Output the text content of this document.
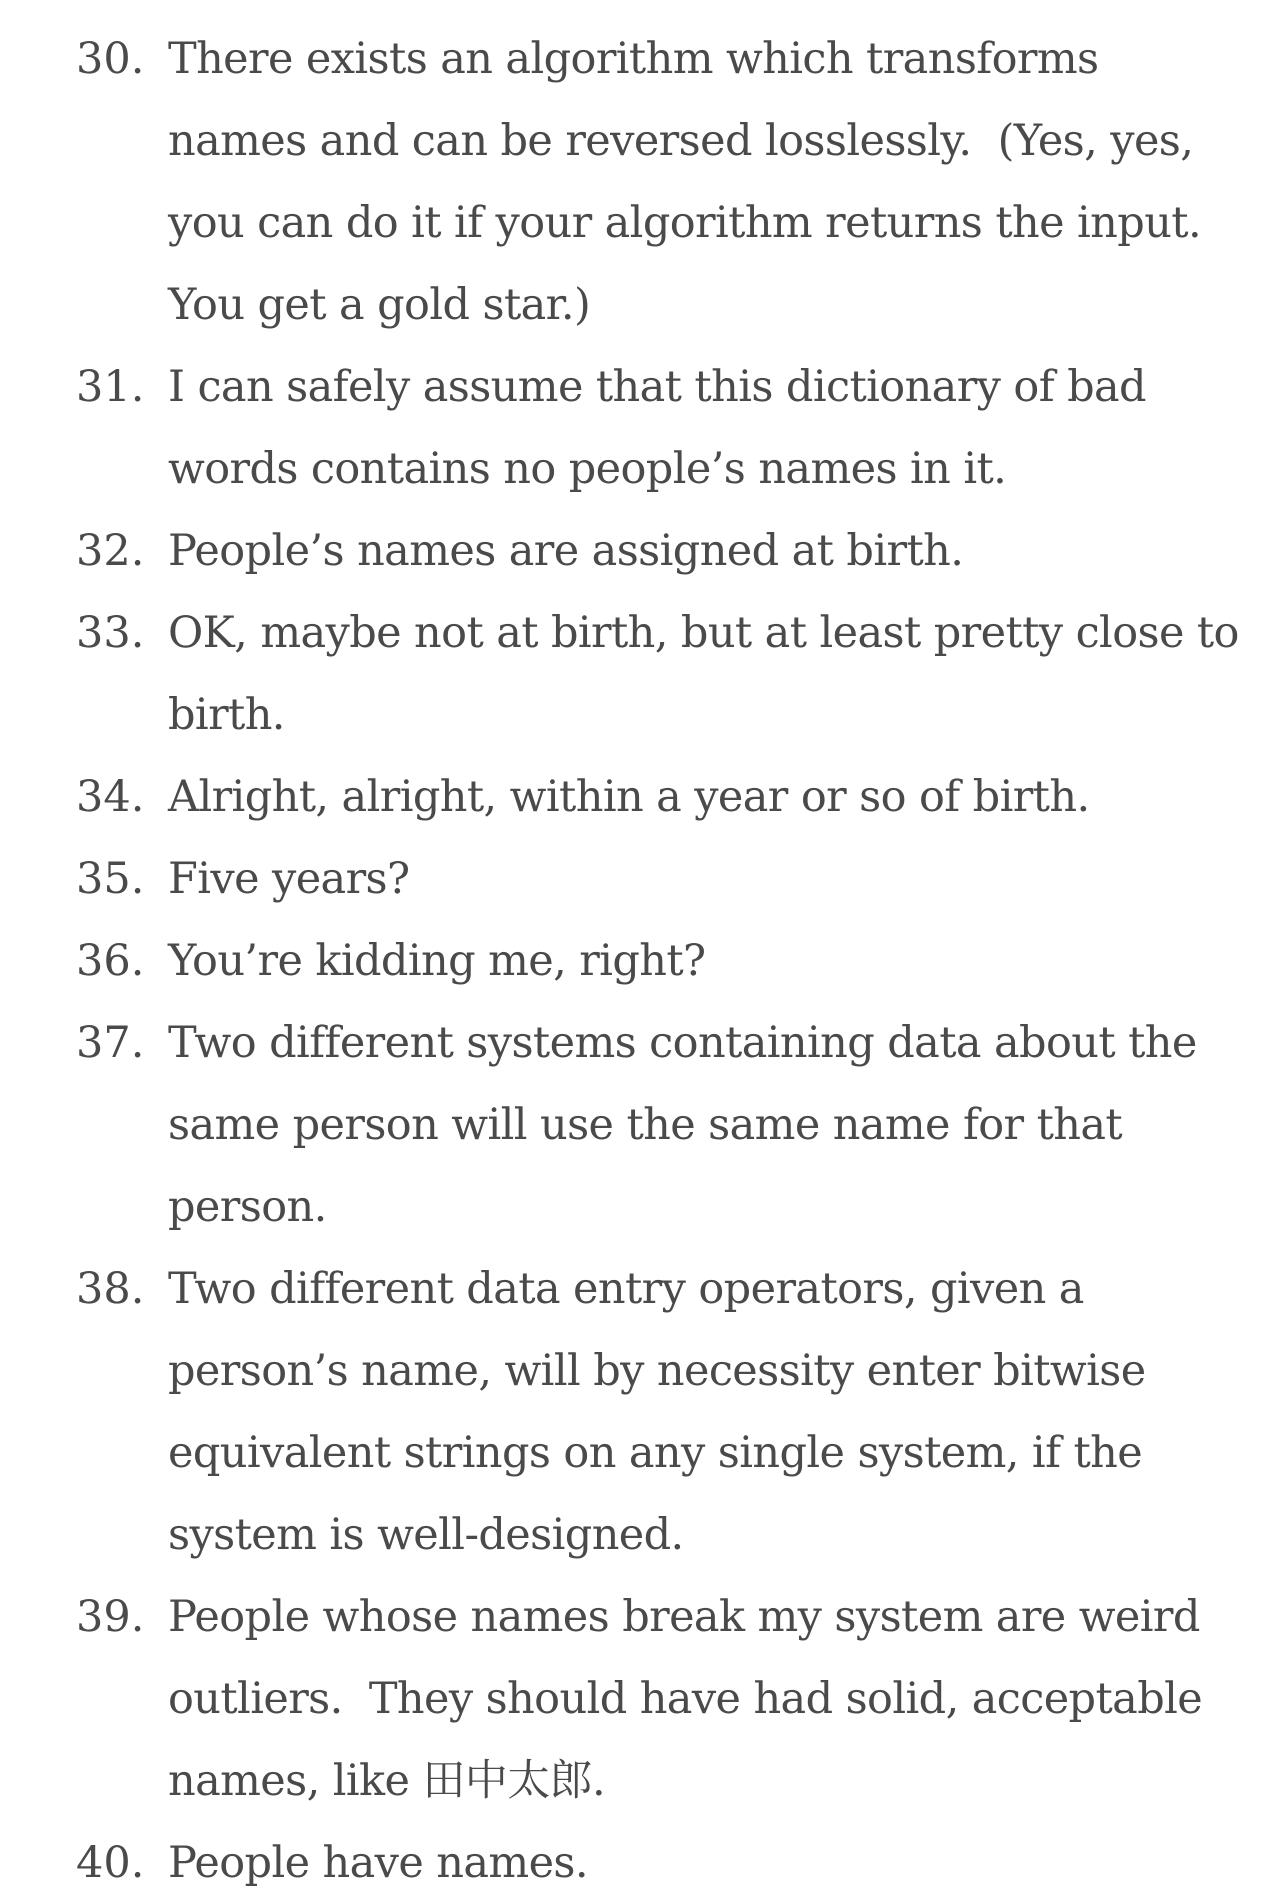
30. There exists an algorithm which transforms names and can be reversed losslessly.  (Yes, yes, you can do it if your algorithm returns the input.  You get a gold star.)
31. I can safely assume that this dictionary of bad words contains no people’s names in it.
32. People’s names are assigned at birth.
33. OK, maybe not at birth, but at least pretty close to birth.
34. Alright, alright, within a year or so of birth.
35. Five years?
36. You’re kidding me, right?
37. Two different systems containing data about the same person will use the same name for that person.
38. Two different data entry operators, given a person’s name, will by necessity enter bitwise equivalent strings on any single system, if the system is well-designed.
39. People whose names break my system are weird outliers.  They should have had solid, acceptable names, like 田中太郎.
40. People have names.
